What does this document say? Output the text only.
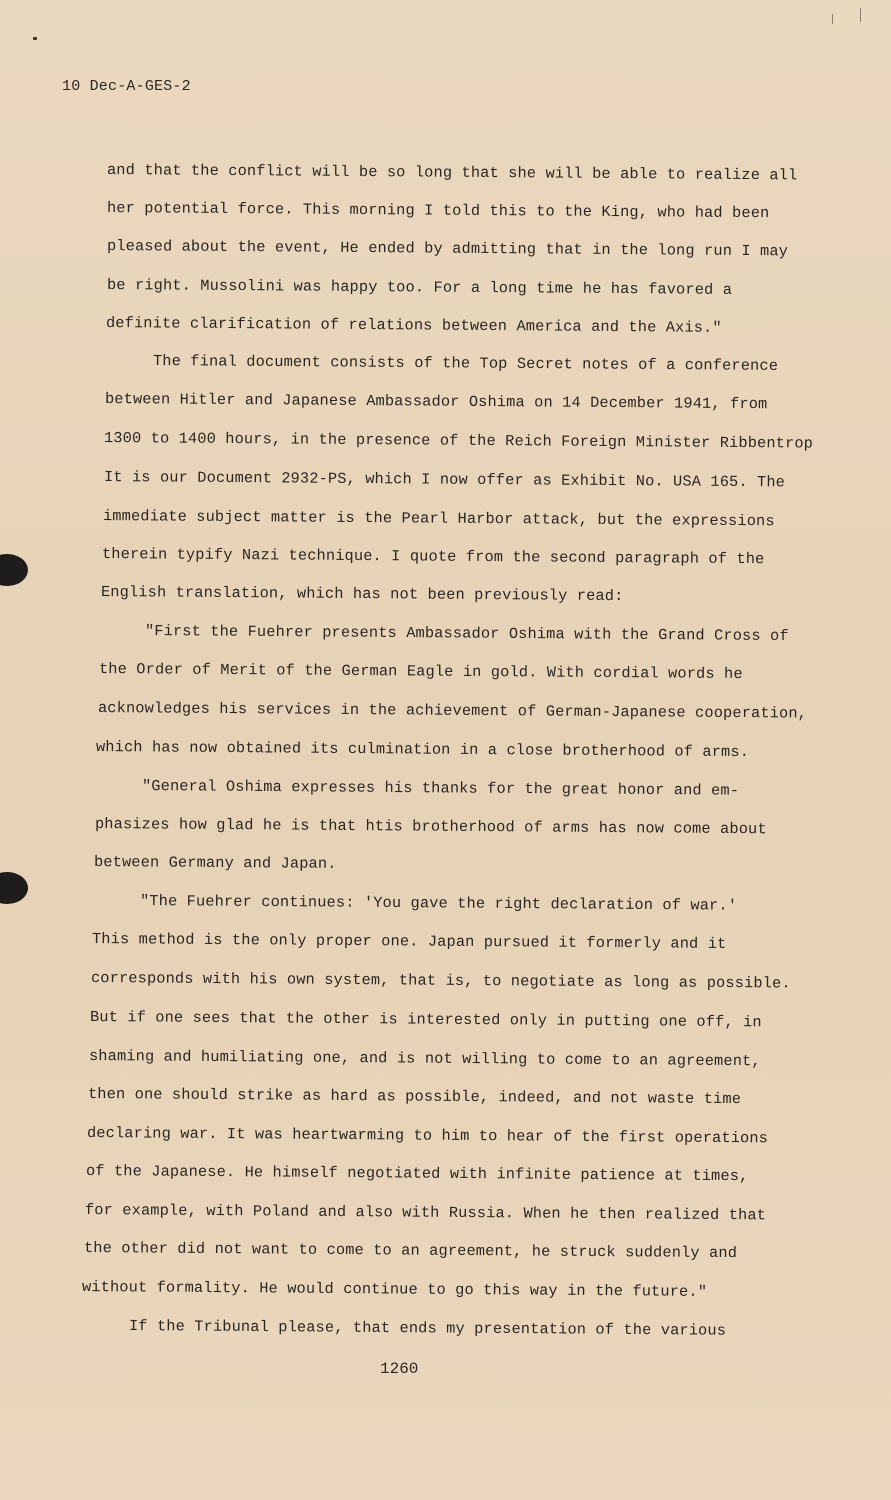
10 Dec-A-GES-2
and that the conflict will be so long that she will be able to realize all
her potential force. This morning I told this to the King, who had been
pleased about the event, He ended by admitting that in the long run I may
be right. Mussolini was happy too. For a long time he has favored a
definite clarification of relations between America and the Axis."
The final document consists of the Top Secret notes of a conference
between Hitler and Japanese Ambassador Oshima on 14 December 1941, from
1300 to 1400 hours, in the presence of the Reich Foreign Minister Ribbentrop
It is our Document 2932-PS, which I now offer as Exhibit No. USA 165. The
immediate subject matter is the Pearl Harbor attack, but the expressions
therein typify Nazi technique. I quote from the second paragraph of the
English translation, which has not been previously read:
"First the Fuehrer presents Ambassador Oshima with the Grand Cross of
the Order of Merit of the German Eagle in gold. With cordial words he
acknowledges his services in the achievement of German-Japanese cooperation,
which has now obtained its culmination in a close brotherhood of arms.
"General Oshima expresses his thanks for the great honor and em-
phasizes how glad he is that htis brotherhood of arms has now come about
between Germany and Japan.
"The Fuehrer continues: 'You gave the right declaration of war.'
This method is the only proper one. Japan pursued it formerly and it
corresponds with his own system, that is, to negotiate as long as possible.
But if one sees that the other is interested only in putting one off, in
shaming and humiliating one, and is not willing to come to an agreement,
then one should strike as hard as possible, indeed, and not waste time
declaring war. It was heartwarming to him to hear of the first operations
of the Japanese. He himself negotiated with infinite patience at times,
for example, with Poland and also with Russia. When he then realized that
the other did not want to come to an agreement, he struck suddenly and
without formality. He would continue to go this way in the future."
If the Tribunal please, that ends my presentation of the various
1260
